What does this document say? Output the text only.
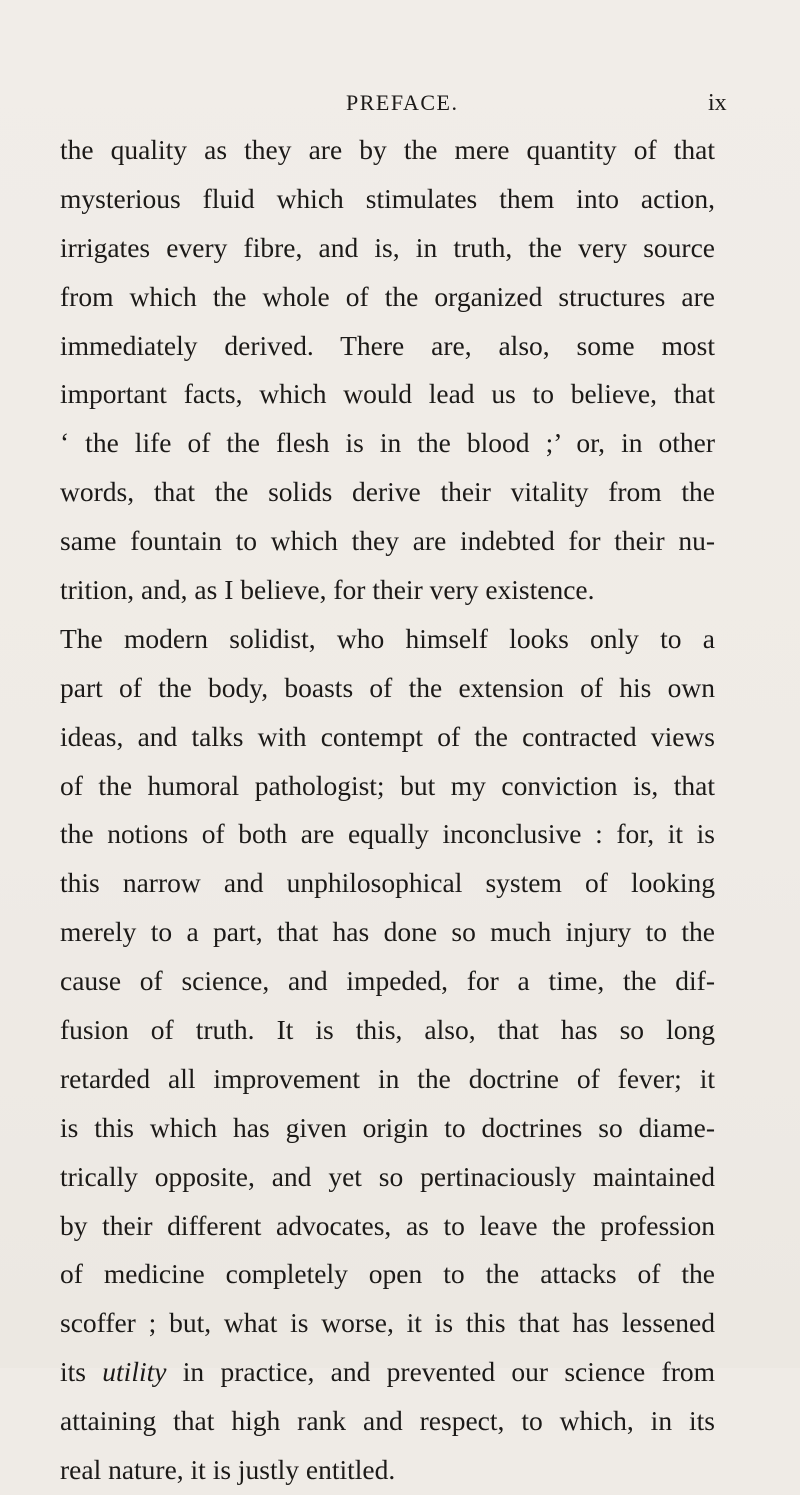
PREFACE.	ix
the quality as they are by the mere quantity of that
mysterious fluid which stimulates them into action,
irrigates every fibre, and is, in truth, the very source
from which the whole of the organized structures are
immediately derived. There are, also, some most
important facts, which would lead us to believe, that
‘ the life of the flesh is in the blood ;’ or, in other
words, that the solids derive their vitality from the
same fountain to which they are indebted for their nu-
trition, and, as I believe, for their very existence.
The modern solidist, who himself looks only to a
part of the body, boasts of the extension of his own
ideas, and talks with contempt of the contracted views
of the humoral pathologist; but my conviction is, that
the notions of both are equally inconclusive : for, it is
this narrow and unphilosophical system of looking
merely to a part, that has done so much injury to the
cause of science, and impeded, for a time, the dif-
fusion of truth. It is this, also, that has so long
retarded all improvement in the doctrine of fever; it
is this which has given origin to doctrines so diame-
trically opposite, and yet so pertinaciously maintained
by their different advocates, as to leave the profession
of medicine completely open to the attacks of the
scoffer ; but, what is worse, it is this that has lessened
its utility in practice, and prevented our science from
attaining that high rank and respect, to which, in its
real nature, it is justly entitled.
